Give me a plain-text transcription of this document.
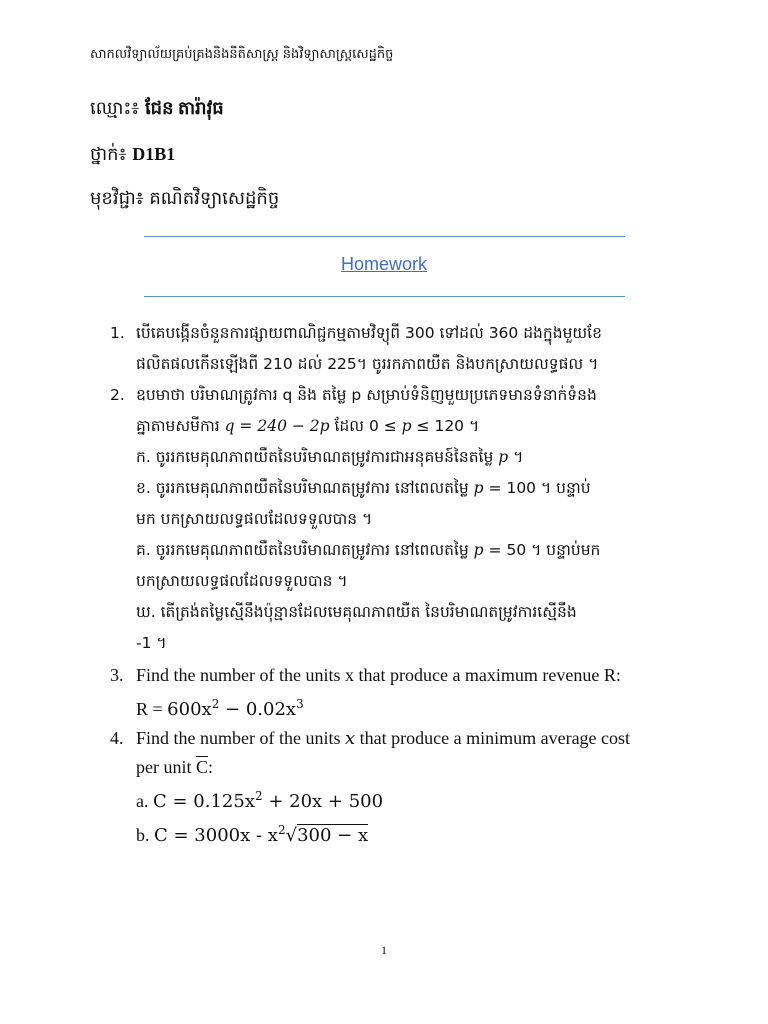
សាកលវិទ្យាល័យគ្រប់គ្រងនិងនីតិសាស្ត្រ និងវិទ្យាសាស្ត្រសេដ្ឋកិច្ច
ឈ្មោះ៖ ជែន តារ៉ាវុធ
ថ្នាក់៖ D1B1
មុខវិជ្ជា៖ គណិតវិទ្យាសេដ្ឋកិច្ច
Homework
1. បើគេបង្កើនចំនួនការផ្សាយពាណិជ្ជកម្មតាមវិទ្យុពី 300 ទៅដល់ 360 ដងក្នុងមួយខែ
ផលិតផលកើនឡើងពី 210 ដល់ 225។ ចូររកភាពយឺត និងបកស្រាយលទ្ធផល ។
2. ឧបមាថា បរិមាណត្រូវការ q និង តម្លៃ p សម្រាប់ទំនិញមួយប្រភេទមានទំនាក់ទំនង
គ្នាតាមសមីការ q = 240 − 2p ដែល 0 ≤ p ≤ 120 ។
ក. ចូររកមេគុណភាពយឺតនៃបរិមាណតម្រូវការជាអនុគមន៍នៃតម្លៃ p ។
ខ. ចូររកមេគុណភាពយឺតនៃបរិមាណតម្រូវការ នៅពេលតម្លៃ p = 100 ។ បន្ទាប់
មក បកស្រាយលទ្ធផលដែលទទួលបាន ។
គ. ចូររកមេគុណភាពយឺតនៃបរិមាណតម្រូវការ នៅពេលតម្លៃ p = 50 ។ បន្ទាប់មក
បកស្រាយលទ្ធផលដែលទទួលបាន ។
ឃ. តើត្រង់តម្លៃស្មើនឹងប៉ុន្មានដែលមេគុណភាពយឺត នៃបរិមាណតម្រូវការស្មើនឹង
-1 ។
3. Find the number of the units x that produce a maximum revenue R:
$R = 600x^2 - 0.02x^3$
4. Find the number of the units x that produce a minimum average cost
per unit $\overline{C}$:
a. $C = 0.125x^2 + 20x + 500$
b. $C = 3000x - x^2√300 - x$
1
